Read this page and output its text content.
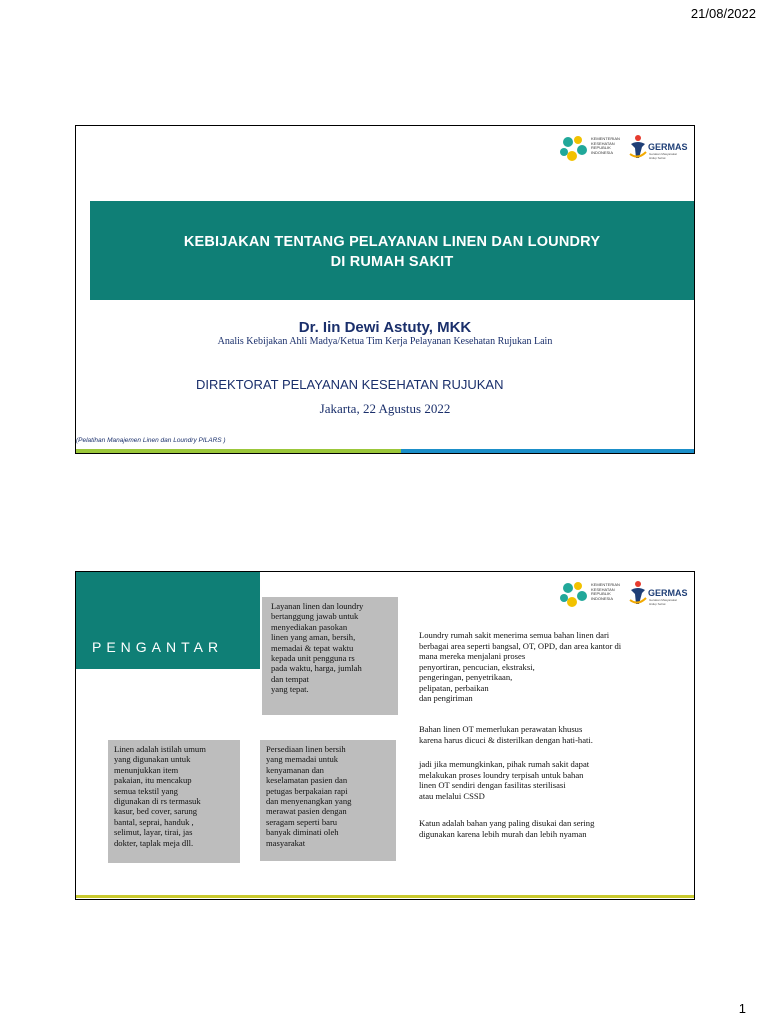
21/08/2022
KEMENTERIAN
KESEHATAN
REPUBLIK
INDONESIA
GERMAS
Gerakan Masyarakat Hidup Sehat
KEBIJAKAN TENTANG PELAYANAN LINEN DAN LOUNDRY
DI RUMAH SAKIT
Dr. Iin Dewi Astuty, MKK
Analis Kebijakan Ahli Madya/Ketua Tim Kerja Pelayanan Kesehatan Rujukan Lain
DIREKTORAT PELAYANAN KESEHATAN RUJUKAN
Jakarta, 22 Agustus 2022
(Pelatihan Manajemen Linen dan Loundry PILARS )
PENGANTAR
KEMENTERIAN
KESEHATAN
REPUBLIK
INDONESIA
GERMAS
Gerakan Masyarakat Hidup Sehat
Layanan linen dan loundry
bertanggung jawab untuk
menyediakan pasokan
linen yang aman, bersih,
memadai & tepat waktu
kepada unit pengguna rs
pada waktu, harga, jumlah
dan tempat
yang tepat.
Linen adalah istilah umum
yang digunakan untuk
menunjukkan item
pakaian, itu mencakup
semua tekstil yang
digunakan di rs termasuk
kasur, bed cover, sarung
bantal, seprai, handuk ,
selimut, layar, tirai, jas
dokter, taplak meja dll.
Persediaan linen bersih
yang memadai untuk
kenyamanan dan
keselamatan pasien dan
petugas berpakaian rapi
dan menyenangkan yang
merawat pasien dengan
seragam seperti baru
banyak diminati oleh
masyarakat
Loundry rumah sakit menerima semua bahan linen dari
berbagai area seperti bangsal, OT, OPD, dan area kantor di
mana mereka menjalani proses
penyortiran, pencucian, ekstraksi,
pengeringan, penyetrikaan,
pelipatan, perbaikan
dan pengiriman
Bahan linen OT memerlukan perawatan khusus
karena harus dicuci & disterilkan dengan hati-hati.
jadi jika memungkinkan, pihak rumah sakit dapat
melakukan proses loundry terpisah untuk bahan
linen OT sendiri dengan fasilitas sterilisasi
atau melalui CSSD
Katun adalah bahan yang paling disukai dan sering
digunakan karena lebih murah dan lebih nyaman
1
